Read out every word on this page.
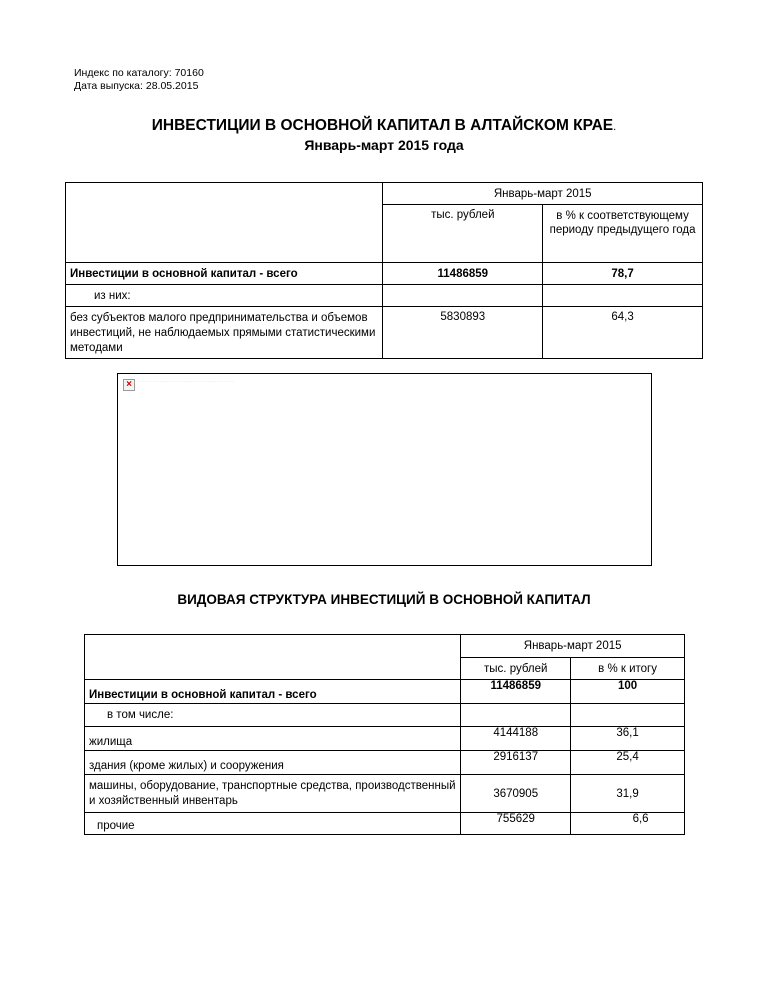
Индекс по каталогу: 70160
Дата выпуска: 28.05.2015
ИНВЕСТИЦИИ В ОСНОВНОЙ КАПИТАЛ В АЛТАЙСКОМ КРАЕ.
Январь-март 2015 года
	Январь-март 2015	
	тыс. рублей	в % к соответствующему периоду предыдущего года
Инвестиции в основной капитал - всего	11486859	78,7
из них:		
без субъектов малого предпринимательства и объемов инвестиций, не наблюдаемых прямыми статистическими методами	5830893	64,3
×	· · · · · · · · · · · · · · · · · · · · · · · · · · · · · · · · · · · · · · · · · · · · · · · · · · · · ·
ВИДОВАЯ СТРУКТУРА ИНВЕСТИЦИЙ В ОСНОВНОЙ КАПИТАЛ
	Январь-март 2015	
	тыс. рублей	в % к итогу
Инвестиции в основной капитал - всего	11486859	100
в том числе:		
жилища	4144188	36,1
здания (кроме жилых) и сооружения	2916137	25,4
машины, оборудование, транспортные средства, производственный и хозяйственный инвентарь	3670905	31,9
прочие	755629	6,6
